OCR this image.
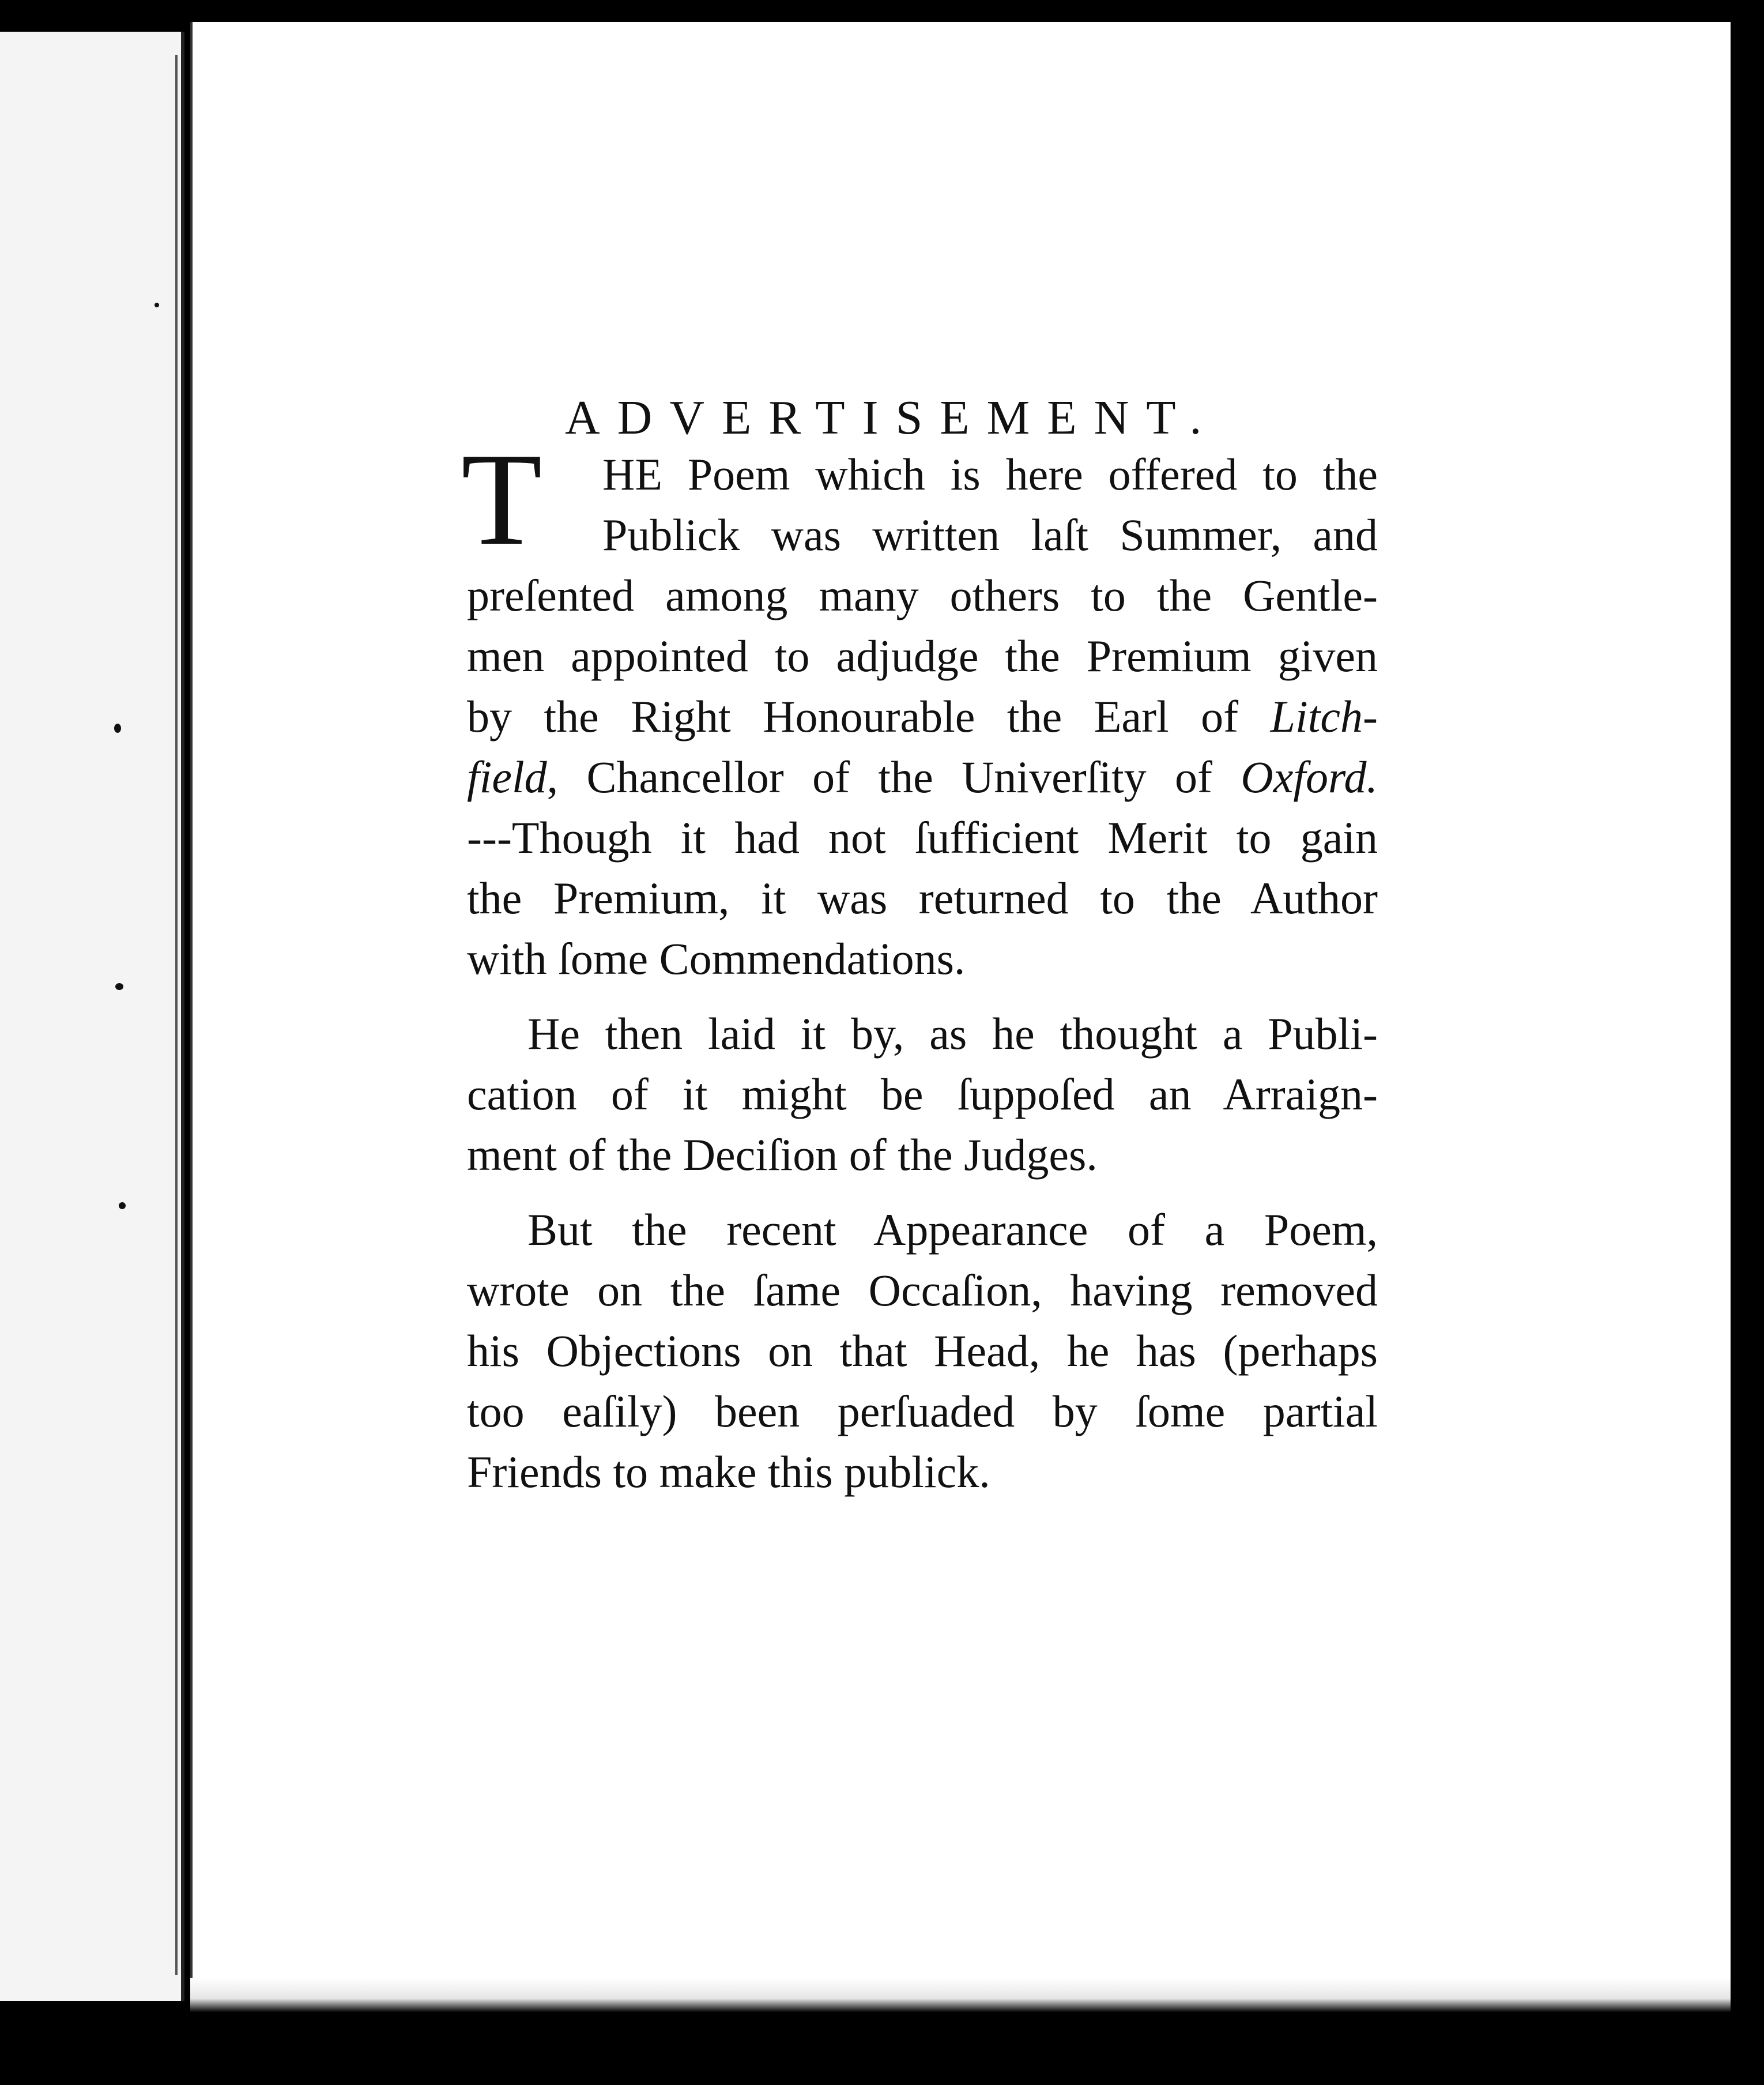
ADVERTISEMENT.
T	HE Poem which is here offered to the
Publick was written laſt Summer, and
preſented among many others to the Gentle-
men appointed to adjudge the Premium given
by the Right Honourable the Earl of Litch-
field, Chancellor of the Univerſity of Oxford.
---Though it had not ſufficient Merit to gain
the Premium, it was returned to the Author
with ſome Commendations.
He then laid it by, as he thought a Publi-
cation of it might be ſuppoſed an Arraign-
ment of the Deciſion of the Judges.
But the recent Appearance of a Poem,
wrote on the ſame Occaſion, having removed
his Objections on that Head, he has (perhaps
too eaſily) been perſuaded by ſome partial
Friends to make this publick.
